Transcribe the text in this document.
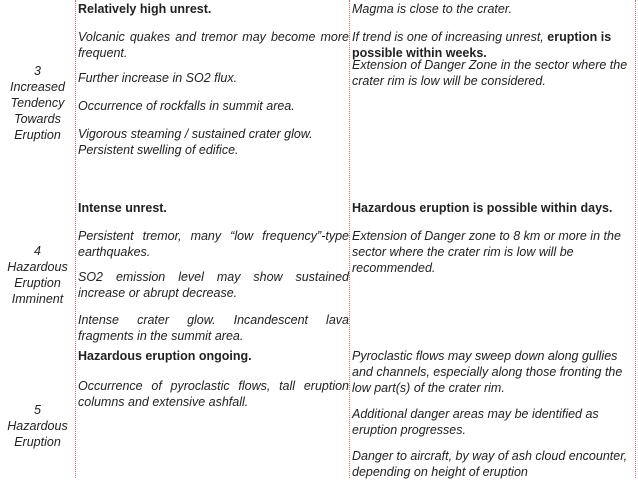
3
Increased
Tendency
Towards
Eruption
Relatively high unrest.
Volcanic quakes and tremor may become more frequent.
Further increase in SO2 flux.
Occurrence of rockfalls in summit area.
Vigorous steaming / sustained crater glow.
Persistent swelling of edifice.
Magma is close to the crater.
If trend is one of increasing unrest, eruption is possible within weeks.
Extension of Danger Zone in the sector where the crater rim is low will be considered.
4
Hazardous
Eruption
Imminent
Intense unrest.
Persistent tremor, many “low frequency”-type earthquakes.
SO2 emission level may show sustained increase or abrupt decrease.
Intense crater glow. Incandescent lava fragments in the summit area.
Hazardous eruption is possible within days.
Extension of Danger zone to 8 km or more in the sector where the crater rim is low will be recommended.
5
Hazardous
Eruption
Hazardous eruption ongoing.
Occurrence of pyroclastic flows, tall eruption columns and extensive ashfall.
Pyroclastic flows may sweep down along gullies and channels, especially along those fronting the low part(s) of the crater rim.
Additional danger areas may be identified as eruption progresses.
Danger to aircraft, by way of ash cloud encounter, depending on height of eruption
